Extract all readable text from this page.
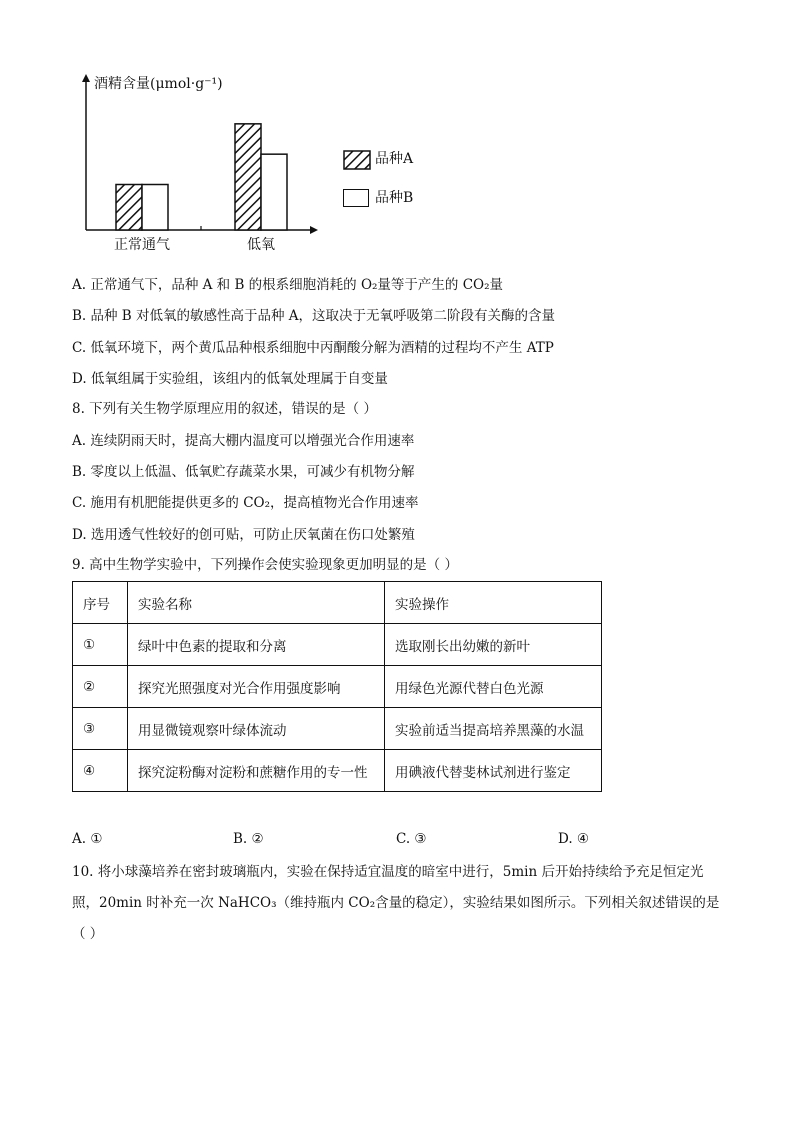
酒精含量(μmol·g⁻¹)
正常通气	低氧
品种A
品种B
A. 正常通气下，品种 A 和 B 的根系细胞消耗的 O₂量等于产生的 CO₂量
B. 品种 B 对低氧的敏感性高于品种 A，这取决于无氧呼吸第二阶段有关酶的含量
C. 低氧环境下，两个黄瓜品种根系细胞中丙酮酸分解为酒精的过程均不产生 ATP
D. 低氧组属于实验组，该组内的低氧处理属于自变量
8. 下列有关生物学原理应用的叙述，错误的是（ ）
A. 连续阴雨天时，提高大棚内温度可以增强光合作用速率
B. 零度以上低温、低氧贮存蔬菜水果，可减少有机物分解
C. 施用有机肥能提供更多的 CO₂，提高植物光合作用速率
D. 选用透气性较好的创可贴，可防止厌氧菌在伤口处繁殖
9. 高中生物学实验中，下列操作会使实验现象更加明显的是（ ）
序号	实验名称	实验操作
①	绿叶中色素的提取和分离	选取刚长出幼嫩的新叶
②	探究光照强度对光合作用强度影响	用绿色光源代替白色光源
③	用显微镜观察叶绿体流动	实验前适当提高培养黑藻的水温
④	探究淀粉酶对淀粉和蔗糖作用的专一性	用碘液代替斐林试剂进行鉴定
A. ①	B. ②	C. ③	D. ④
10. 将小球藻培养在密封玻璃瓶内，实验在保持适宜温度的暗室中进行，5min 后开始持续给予充足恒定光
照，20min 时补充一次 NaHCO₃（维持瓶内 CO₂含量的稳定），实验结果如图所示。下列相关叙述错误的是
（ ）
